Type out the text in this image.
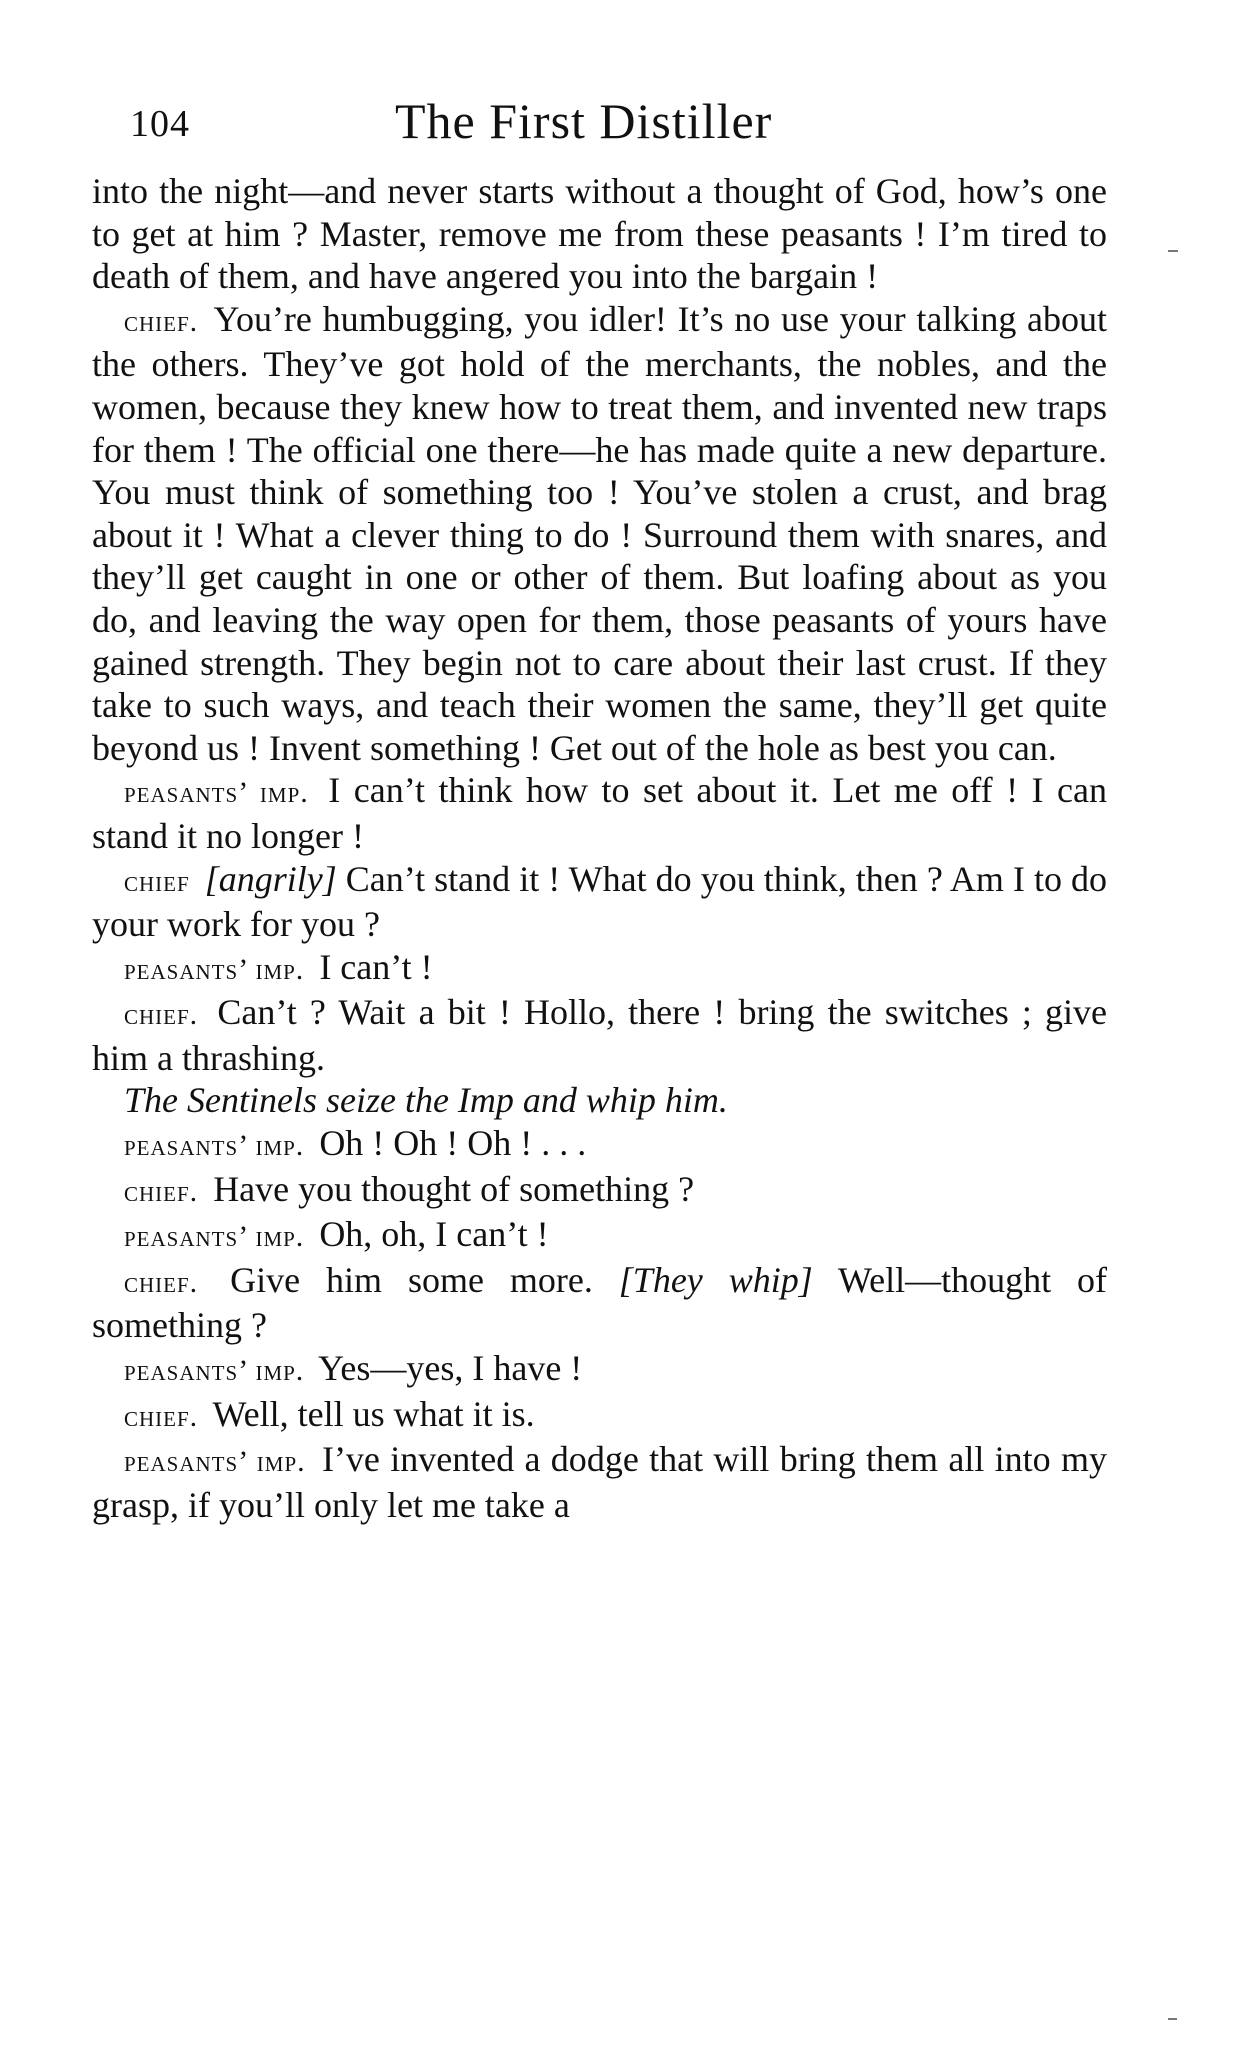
104	The First Distiller

into the night—and never starts without a thought of God, how’s one to get at him ? Master, remove me from these peasants ! I’m tired to death of them, and have angered you into the bargain !

chief. You’re humbugging, you idler! It’s no use your talking about the others. They’ve got hold of the merchants, the nobles, and the women, because they knew how to treat them, and invented new traps for them ! The official one there—he has made quite a new departure. You must think of something too ! You’ve stolen a crust, and brag about it ! What a clever thing to do ! Surround them with snares, and they’ll get caught in one or other of them. But loafing about as you do, and leaving the way open for them, those peasants of yours have gained strength. They begin not to care about their last crust. If they take to such ways, and teach their women the same, they’ll get quite beyond us ! Invent something ! Get out of the hole as best you can.

peasants’ imp. I can’t think how to set about it. Let me off ! I can stand it no longer !

chief [angrily] Can’t stand it ! What do you think, then ? Am I to do your work for you ?

peasants’ imp. I can’t !

chief. Can’t ? Wait a bit ! Hollo, there ! bring the switches ; give him a thrashing.

The Sentinels seize the Imp and whip him.

peasants’ imp. Oh ! Oh ! Oh ! . . .

chief. Have you thought of something ?

peasants’ imp. Oh, oh, I can’t !

chief. Give him some more. [They whip] Well—thought of something ?

peasants’ imp. Yes—yes, I have !

chief. Well, tell us what it is.

peasants’ imp. I’ve invented a dodge that will bring them all into my grasp, if you’ll only let me take a
